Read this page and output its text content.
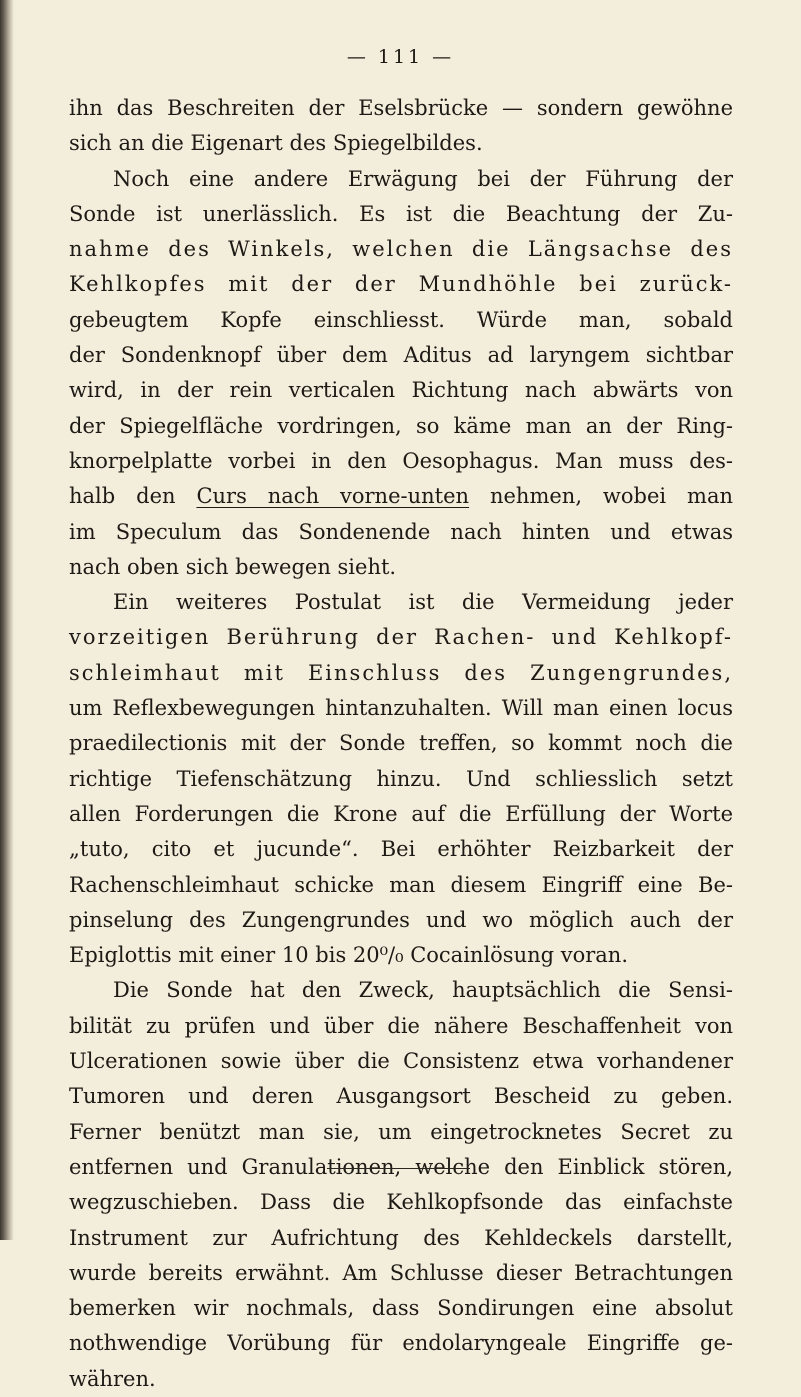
— 111 —
ihn das Beschreiten der Eselsbrücke — sondern gewöhne
sich an die Eigenart des Spiegelbildes.
Noch eine andere Erwägung bei der Führung der
Sonde ist unerlässlich. Es ist die Beachtung der Zu-
nahme des Winkels, welchen die Längsachse des
Kehlkopfes mit der der Mundhöhle bei zurück-
gebeugtem Kopfe einschliesst. Würde man, sobald
der Sondenknopf über dem Aditus ad laryngem sichtbar
wird, in der rein verticalen Richtung nach abwärts von
der Spiegelfläche vordringen, so käme man an der Ring-
knorpelplatte vorbei in den Oesophagus. Man muss des-
halb den Curs nach vorne-unten nehmen, wobei man
im Speculum das Sondenende nach hinten und etwas
nach oben sich bewegen sieht.
Ein weiteres Postulat ist die Vermeidung jeder
vorzeitigen Berührung der Rachen- und Kehlkopf-
schleimhaut mit Einschluss des Zungengrundes,
um Reflexbewegungen hintanzuhalten. Will man einen locus
praedilectionis mit der Sonde treffen, so kommt noch die
richtige Tiefenschätzung hinzu. Und schliesslich setzt
allen Forderungen die Krone auf die Erfüllung der Worte
„tuto, cito et jucunde“. Bei erhöhter Reizbarkeit der
Rachenschleimhaut schicke man diesem Eingriff eine Be-
pinselung des Zungengrundes und wo möglich auch der
Epiglottis mit einer 10 bis 20⁰/₀ Cocainlösung voran.
Die Sonde hat den Zweck, hauptsächlich die Sensi-
bilität zu prüfen und über die nähere Beschaffenheit von
Ulcerationen sowie über die Consistenz etwa vorhandener
Tumoren und deren Ausgangsort Bescheid zu geben.
Ferner benützt man sie, um eingetrocknetes Secret zu
entfernen und Granulationen, welche den Einblick stören,
wegzuschieben. Dass die Kehlkopfsonde das einfachste
Instrument zur Aufrichtung des Kehldeckels darstellt,
wurde bereits erwähnt. Am Schlusse dieser Betrachtungen
bemerken wir nochmals, dass Sondirungen eine absolut
nothwendige Vorübung für endolaryngeale Eingriffe ge-
währen.
